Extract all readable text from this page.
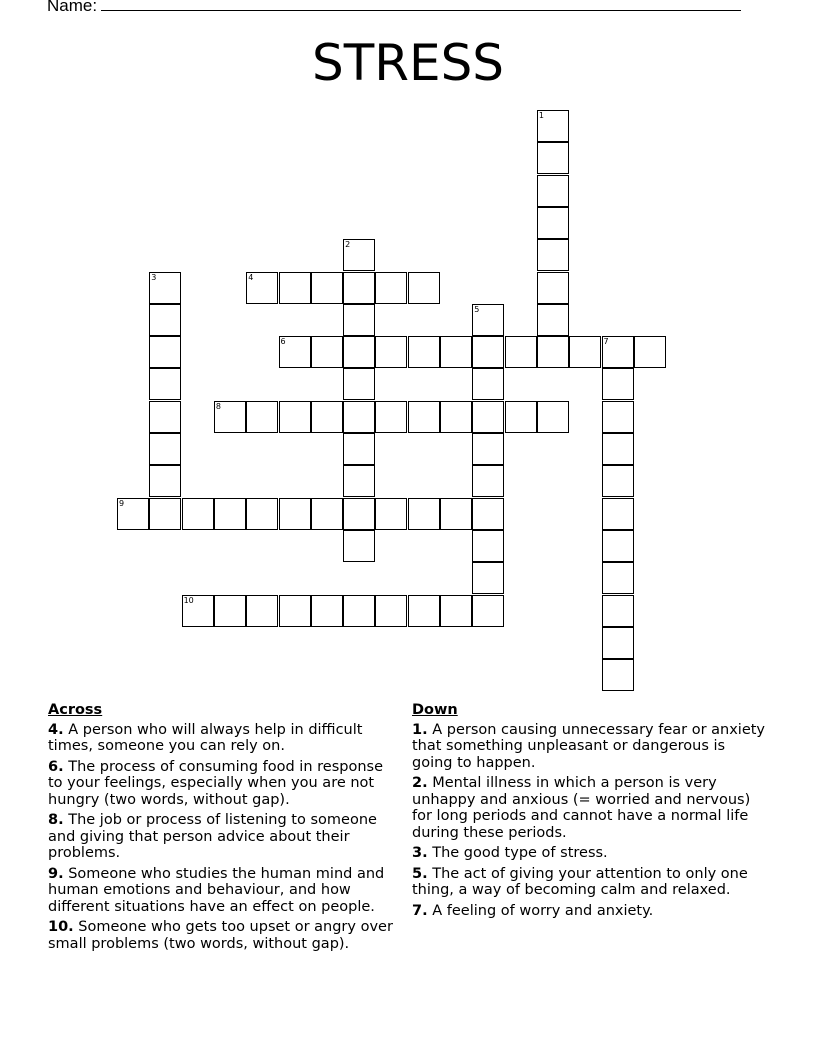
Name:
STRESS
1
2
3	4
5
6	7
8
9
10
Across
4. A person who will always help in difficult times, someone you can rely on.
6. The process of consuming food in response to your feelings, especially when you are not hungry (two words, without gap).
8. The job or process of listening to someone and giving that person advice about their problems.
9. Someone who studies the human mind and human emotions and behaviour, and how different situations have an effect on people.
10. Someone who gets too upset or angry over small problems (two words, without gap).
Down
1. A person causing unnecessary fear or anxiety that something unpleasant or dangerous is going to happen.
2. Mental illness in which a person is very unhappy and anxious (= worried and nervous) for long periods and cannot have a normal life during these periods.
3. The good type of stress.
5. The act of giving your attention to only one thing, a way of becoming calm and relaxed.
7. A feeling of worry and anxiety.
